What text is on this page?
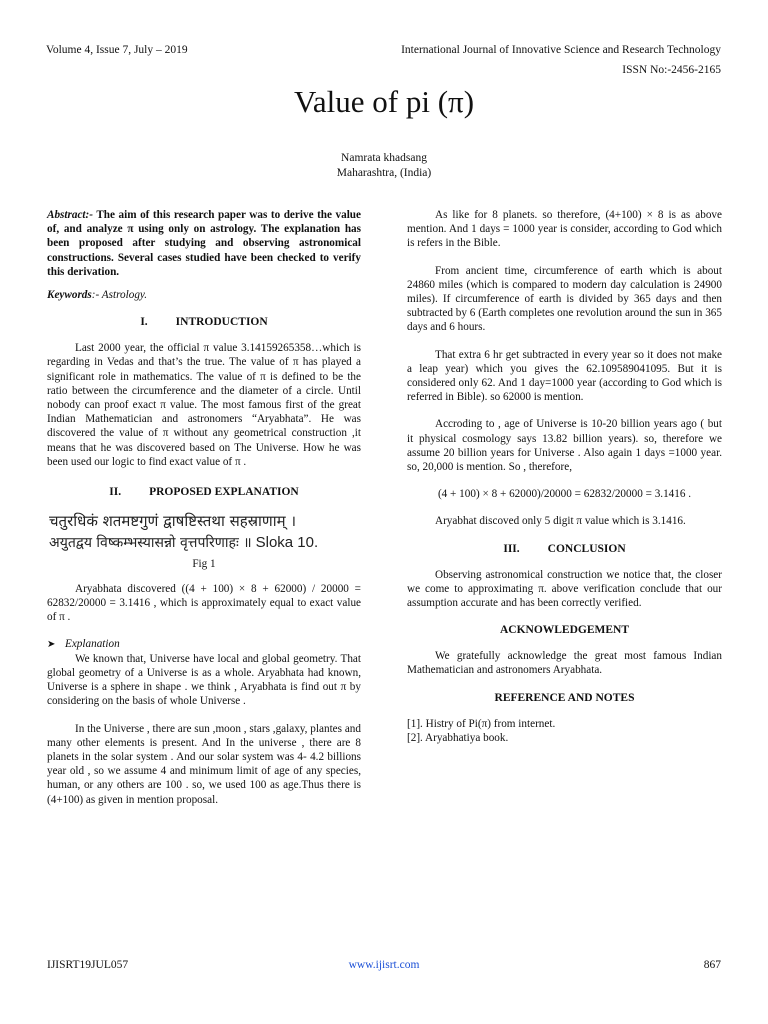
Volume 4, Issue 7, July – 2019	International Journal of Innovative Science and Research Technology
ISSN No:-2456-2165
Value of pi (π)
Namrata khadsang
Maharashtra, (India)

Abstract:- The aim of this research paper was to derive the value of, and analyze π using only on astrology. The explanation has been proposed after studying and observing astronomical constructions. Several cases studied have been checked to verify this derivation.

Keywords:- Astrology.

I. INTRODUCTION

Last 2000 year, the official π value 3.14159265358…which is regarding in Vedas and that’s the true. The value of π has played a significant role in mathematics. The value of π is defined to be the ratio between the circumference and the diameter of a circle. Until nobody can proof exact π value. The most famous first of the great Indian Mathematician and astronomers “Aryabhata”. He was discovered the value of π without any geometrical construction ,it means that he was discovered based on The Universe. How he was been used our logic to find exact value of π .

II. PROPOSED EXPLANATION
चतुरधिकं शतमष्टगुणं द्वाषष्टिस्तथा सहस्राणाम् ।
अयुतद्वय विष्कम्भस्यासन्नो वृत्तपरिणाहः ॥ Sloka 10.
Fig 1

Aryabhata discovered ((4 + 100) × 8 + 62000) / 20000 = 62832/20000 = 3.1416 , which is approximately equal to exact value of π .

➤ Explanation

We known that, Universe have local and global geometry. That global geometry of a Universe is as a whole. Aryabhata had known, Universe is a sphere in shape . we think , Aryabhata is find out π by considering on the basis of whole Universe .

In the Universe , there are sun ,moon , stars ,galaxy, plantes and many other elements is present. And In the universe , there are 8 planets in the solar system . And our solar system was 4- 4.2 billions year old , so we assume 4 and minimum limit of age of any species, human, or any others are 100 . so, we used 100 as age.Thus there is (4+100) as given in mention proposal.

As like for 8 planets. so therefore, (4+100) × 8 is as above mention. And 1 days = 1000 year is consider, according to God which is refers in the Bible.

From ancient time, circumference of earth which is about 24860 miles (which is compared to modern day calculation is 24900 miles). If circumference of earth is divided by 365 days and then subtracted by 6 (Earth completes one revolution around the sun in 365 days and 6 hours.

That extra 6 hr get subtracted in every year so it does not make a leap year) which you gives the 62.109589041095. But it is considered only 62. And 1 day=1000 year (according to God which is referred in Bible). so 62000 is mention.

Accroding to , age of Universe is 10-20 billion years ago ( but it physical cosmology says 13.82 billion years). so, therefore we assume 20 billion years for Universe . Also again 1 days =1000 year. so, 20,000 is mention. So , therefore,

(4 + 100) × 8 + 62000)/20000 = 62832/20000 = 3.1416 .

Aryabhat discoved only 5 digit π value which is 3.1416.

III. CONCLUSION

Observing astronomical construction we notice that, the closer we come to approximating π. above verification conclude that our assumption accurate and has been correctly verified.

ACKNOWLEDGEMENT

We gratefully acknowledge the great most famous Indian Mathematician and astronomers Aryabhata.

REFERENCE AND NOTES
[1]. Histry of Pi(π) from internet.
[2]. Aryabhatiya book.
IJISRT19JUL057	www.ijisrt.com	867
